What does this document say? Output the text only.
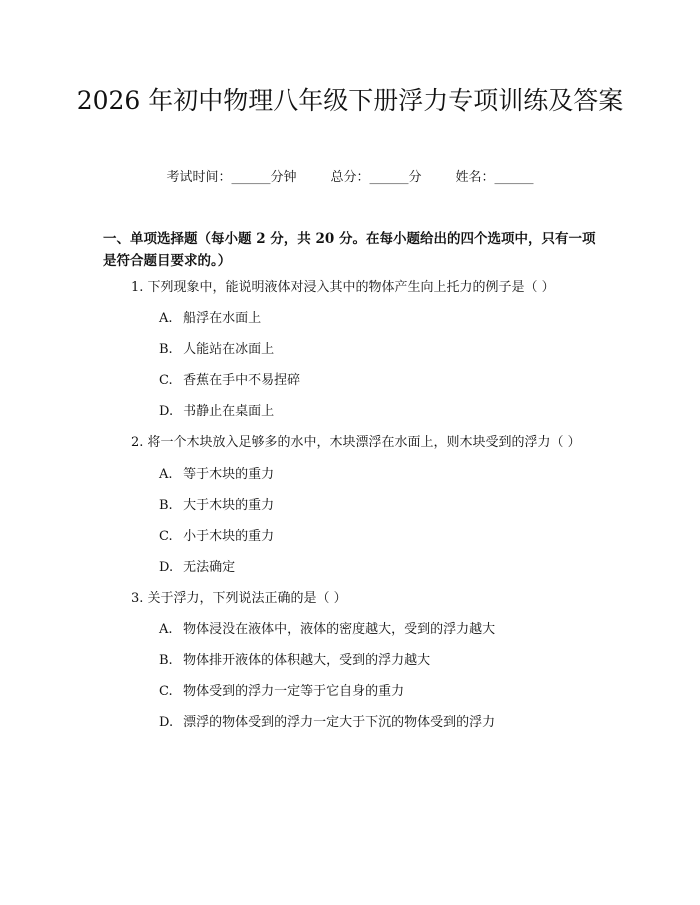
2026 年初中物理八年级下册浮力专项训练及答案
考试时间：______分钟	总分：______分	姓名：______

一、单项选择题（每小题 2 分，共 20 分。在每小题给出的四个选项中，只有一项是符合题目要求的。）

1. 下列现象中，能说明液体对浸入其中的物体产生向上托力的例子是（ ）

A. 船浮在水面上

B. 人能站在冰面上

C. 香蕉在手中不易捏碎

D. 书静止在桌面上

2. 将一个木块放入足够多的水中，木块漂浮在水面上，则木块受到的浮力（ ）

A. 等于木块的重力

B. 大于木块的重力

C. 小于木块的重力

D. 无法确定

3. 关于浮力，下列说法正确的是（ ）

A. 物体浸没在液体中，液体的密度越大，受到的浮力越大

B. 物体排开液体的体积越大，受到的浮力越大

C. 物体受到的浮力一定等于它自身的重力

D. 漂浮的物体受到的浮力一定大于下沉的物体受到的浮力
